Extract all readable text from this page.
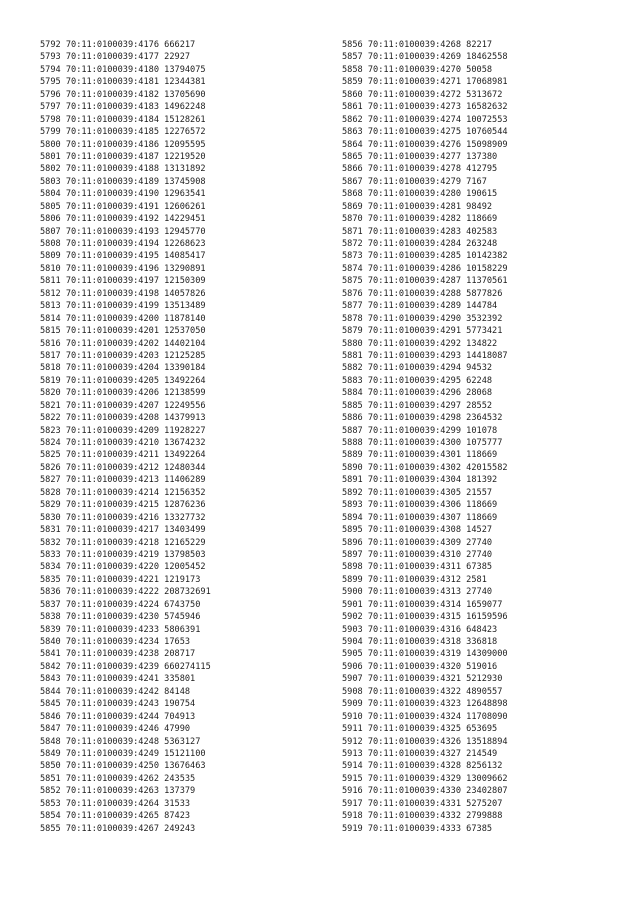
5792 70:11:0100039:4176 666217
5793 70:11:0100039:4177 22927
5794 70:11:0100039:4180 13794075
5795 70:11:0100039:4181 12344381
5796 70:11:0100039:4182 13705690
5797 70:11:0100039:4183 14962248
5798 70:11:0100039:4184 15128261
5799 70:11:0100039:4185 12276572
5800 70:11:0100039:4186 12095595
5801 70:11:0100039:4187 12219520
5802 70:11:0100039:4188 13131892
5803 70:11:0100039:4189 13745908
5804 70:11:0100039:4190 12963541
5805 70:11:0100039:4191 12606261
5806 70:11:0100039:4192 14229451
5807 70:11:0100039:4193 12945770
5808 70:11:0100039:4194 12268623
5809 70:11:0100039:4195 14085417
5810 70:11:0100039:4196 13290891
5811 70:11:0100039:4197 12150309
5812 70:11:0100039:4198 14057826
5813 70:11:0100039:4199 13513489
5814 70:11:0100039:4200 11878140
5815 70:11:0100039:4201 12537050
5816 70:11:0100039:4202 14402104
5817 70:11:0100039:4203 12125285
5818 70:11:0100039:4204 13390184
5819 70:11:0100039:4205 13492264
5820 70:11:0100039:4206 12138599
5821 70:11:0100039:4207 12249556
5822 70:11:0100039:4208 14379913
5823 70:11:0100039:4209 11928227
5824 70:11:0100039:4210 13674232
5825 70:11:0100039:4211 13492264
5826 70:11:0100039:4212 12480344
5827 70:11:0100039:4213 11406289
5828 70:11:0100039:4214 12156352
5829 70:11:0100039:4215 12876236
5830 70:11:0100039:4216 13327732
5831 70:11:0100039:4217 13403499
5832 70:11:0100039:4218 12165229
5833 70:11:0100039:4219 13798503
5834 70:11:0100039:4220 12005452
5835 70:11:0100039:4221 1219173
5836 70:11:0100039:4222 208732691
5837 70:11:0100039:4224 6743750
5838 70:11:0100039:4230 5745946
5839 70:11:0100039:4233 5806391
5840 70:11:0100039:4234 17653
5841 70:11:0100039:4238 208717
5842 70:11:0100039:4239 660274115
5843 70:11:0100039:4241 335801
5844 70:11:0100039:4242 84148
5845 70:11:0100039:4243 190754
5846 70:11:0100039:4244 704913
5847 70:11:0100039:4246 47990
5848 70:11:0100039:4248 5363127
5849 70:11:0100039:4249 15121100
5850 70:11:0100039:4250 13676463
5851 70:11:0100039:4262 243535
5852 70:11:0100039:4263 137379
5853 70:11:0100039:4264 31533
5854 70:11:0100039:4265 87423
5855 70:11:0100039:4267 249243
5856 70:11:0100039:4268 82217
5857 70:11:0100039:4269 18462558
5858 70:11:0100039:4270 50058
5859 70:11:0100039:4271 17068981
5860 70:11:0100039:4272 5313672
5861 70:11:0100039:4273 16582632
5862 70:11:0100039:4274 10072553
5863 70:11:0100039:4275 10760544
5864 70:11:0100039:4276 15098909
5865 70:11:0100039:4277 137380
5866 70:11:0100039:4278 412795
5867 70:11:0100039:4279 7167
5868 70:11:0100039:4280 190615
5869 70:11:0100039:4281 98492
5870 70:11:0100039:4282 118669
5871 70:11:0100039:4283 402583
5872 70:11:0100039:4284 263248
5873 70:11:0100039:4285 10142382
5874 70:11:0100039:4286 10158229
5875 70:11:0100039:4287 11370561
5876 70:11:0100039:4288 5877826
5877 70:11:0100039:4289 144784
5878 70:11:0100039:4290 3532392
5879 70:11:0100039:4291 5773421
5880 70:11:0100039:4292 134822
5881 70:11:0100039:4293 14418087
5882 70:11:0100039:4294 94532
5883 70:11:0100039:4295 62248
5884 70:11:0100039:4296 28068
5885 70:11:0100039:4297 28552
5886 70:11:0100039:4298 2364532
5887 70:11:0100039:4299 101078
5888 70:11:0100039:4300 1075777
5889 70:11:0100039:4301 118669
5890 70:11:0100039:4302 42015582
5891 70:11:0100039:4304 181392
5892 70:11:0100039:4305 21557
5893 70:11:0100039:4306 118669
5894 70:11:0100039:4307 118669
5895 70:11:0100039:4308 14527
5896 70:11:0100039:4309 27740
5897 70:11:0100039:4310 27740
5898 70:11:0100039:4311 67385
5899 70:11:0100039:4312 2581
5900 70:11:0100039:4313 27740
5901 70:11:0100039:4314 1659077
5902 70:11:0100039:4315 16159596
5903 70:11:0100039:4316 648423
5904 70:11:0100039:4318 336818
5905 70:11:0100039:4319 14309000
5906 70:11:0100039:4320 519016
5907 70:11:0100039:4321 5212930
5908 70:11:0100039:4322 4890557
5909 70:11:0100039:4323 12648898
5910 70:11:0100039:4324 11708090
5911 70:11:0100039:4325 653695
5912 70:11:0100039:4326 13518894
5913 70:11:0100039:4327 214549
5914 70:11:0100039:4328 8256132
5915 70:11:0100039:4329 13009662
5916 70:11:0100039:4330 23402807
5917 70:11:0100039:4331 5275207
5918 70:11:0100039:4332 2799888
5919 70:11:0100039:4333 67385
